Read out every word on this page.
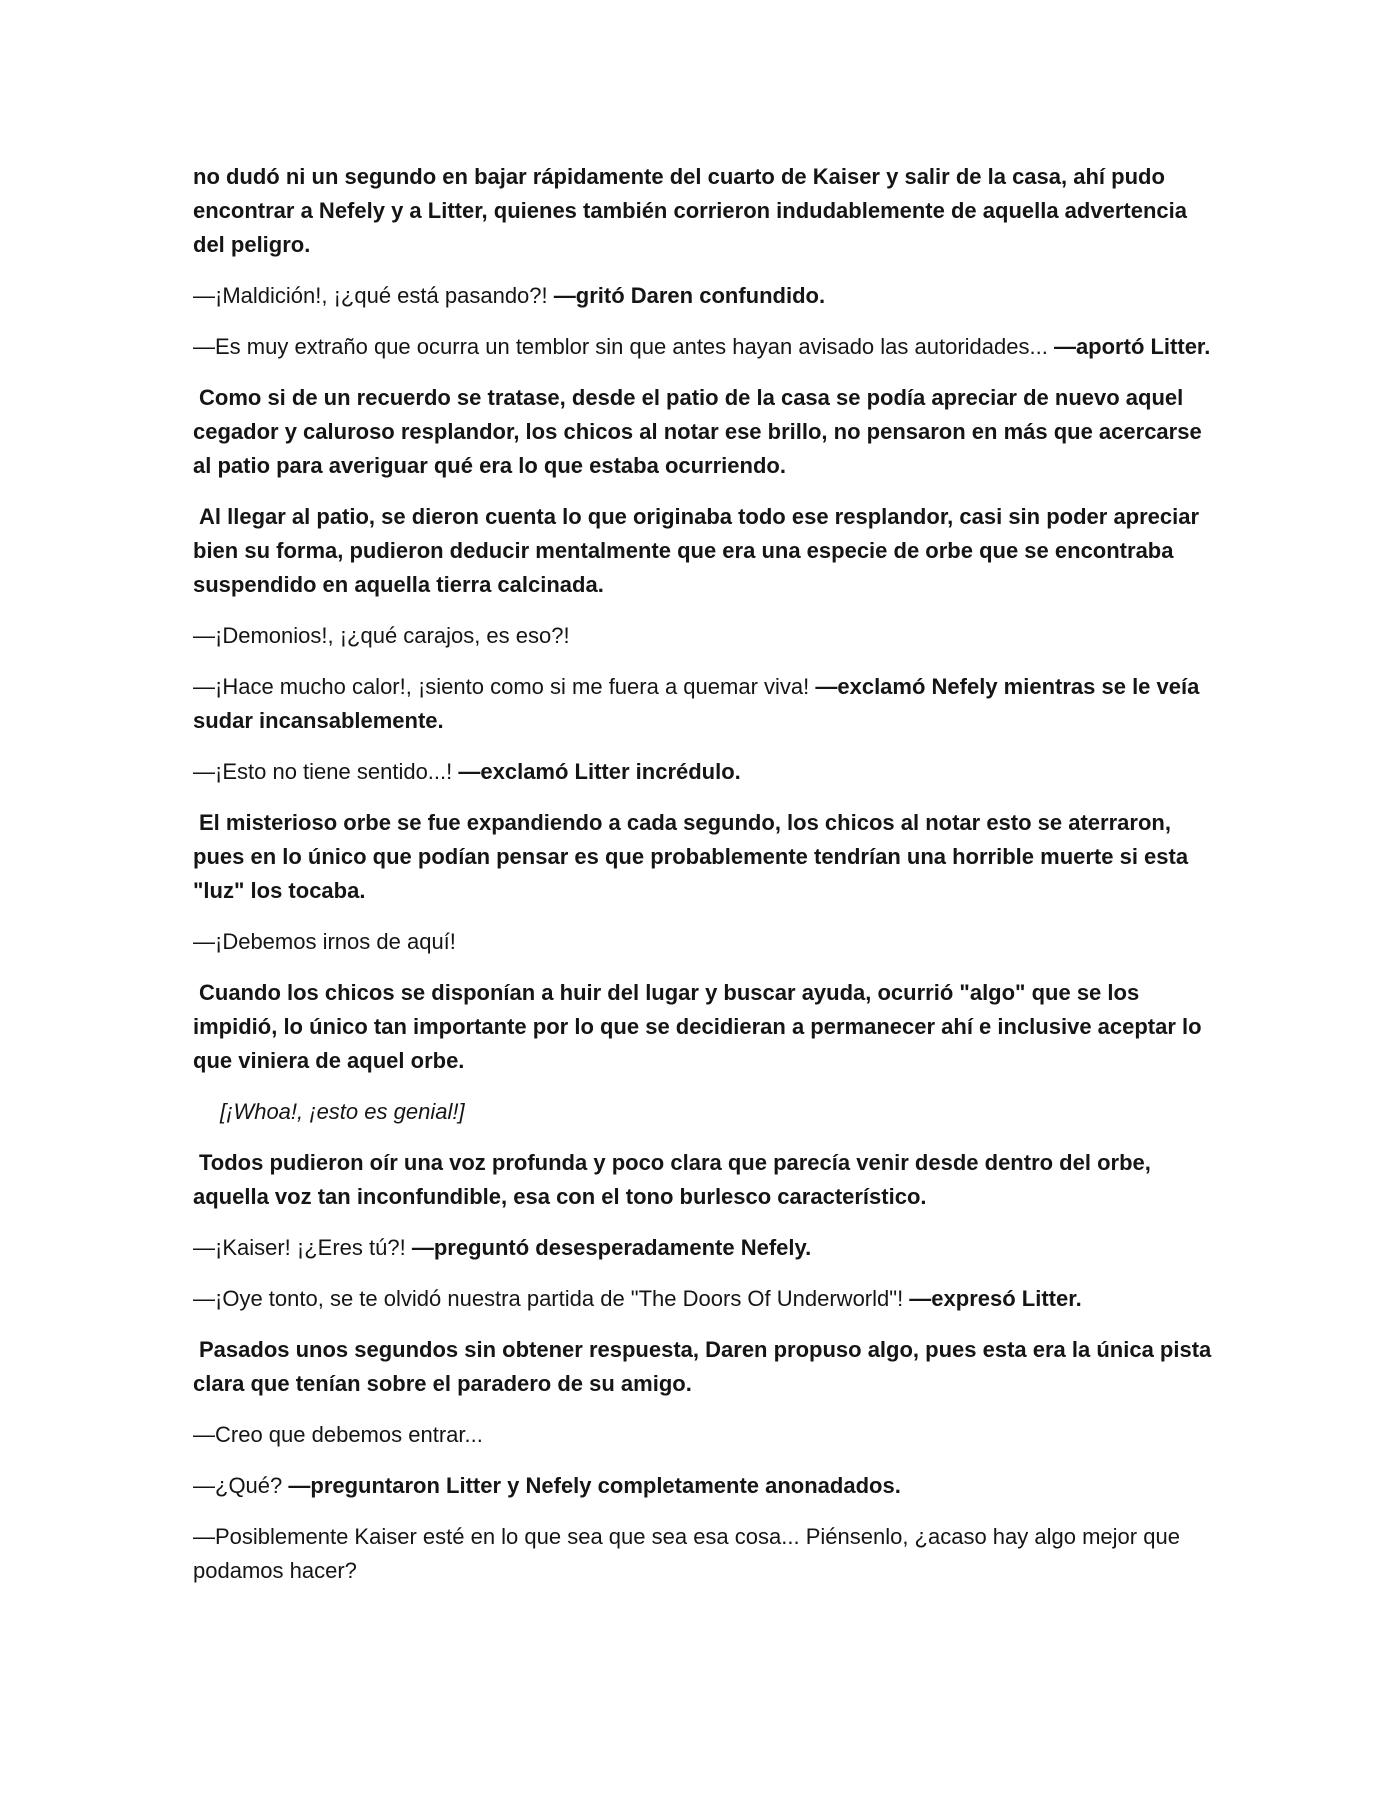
no dudó ni un segundo en bajar rápidamente del cuarto de Kaiser y salir de la casa, ahí pudo encontrar a Nefely y a Litter, quienes también corrieron indudablemente de aquella advertencia del peligro.

—¡Maldición!, ¡¿qué está pasando?! —gritó Daren confundido.

—Es muy extraño que ocurra un temblor sin que antes hayan avisado las autoridades... —aportó Litter.

Como si de un recuerdo se tratase, desde el patio de la casa se podía apreciar de nuevo aquel cegador y caluroso resplandor, los chicos al notar ese brillo, no pensaron en más que acercarse al patio para averiguar qué era lo que estaba ocurriendo.

Al llegar al patio, se dieron cuenta lo que originaba todo ese resplandor, casi sin poder apreciar bien su forma, pudieron deducir mentalmente que era una especie de orbe que se encontraba suspendido en aquella tierra calcinada.

—¡Demonios!, ¡¿qué carajos, es eso?!

—¡Hace mucho calor!, ¡siento como si me fuera a quemar viva! —exclamó Nefely mientras se le veía sudar incansablemente.

—¡Esto no tiene sentido...! —exclamó Litter incrédulo.

El misterioso orbe se fue expandiendo a cada segundo, los chicos al notar esto se aterraron, pues en lo único que podían pensar es que probablemente tendrían una horrible muerte si esta "luz" los tocaba.

—¡Debemos irnos de aquí!

Cuando los chicos se disponían a huir del lugar y buscar ayuda, ocurrió "algo" que se los impidió, lo único tan importante por lo que se decidieran a permanecer ahí e inclusive aceptar lo que viniera de aquel orbe.

[¡Whoa!, ¡esto es genial!]

Todos pudieron oír una voz profunda y poco clara que parecía venir desde dentro del orbe, aquella voz tan inconfundible, esa con el tono burlesco característico.

—¡Kaiser! ¡¿Eres tú?! —preguntó desesperadamente Nefely.

—¡Oye tonto, se te olvidó nuestra partida de "The Doors Of Underworld"! —expresó Litter.

Pasados unos segundos sin obtener respuesta, Daren propuso algo, pues esta era la única pista clara que tenían sobre el paradero de su amigo.

—Creo que debemos entrar...

—¿Qué? —preguntaron Litter y Nefely completamente anonadados.

—Posiblemente Kaiser esté en lo que sea que sea esa cosa... Piénsenlo, ¿acaso hay algo mejor que podamos hacer?
